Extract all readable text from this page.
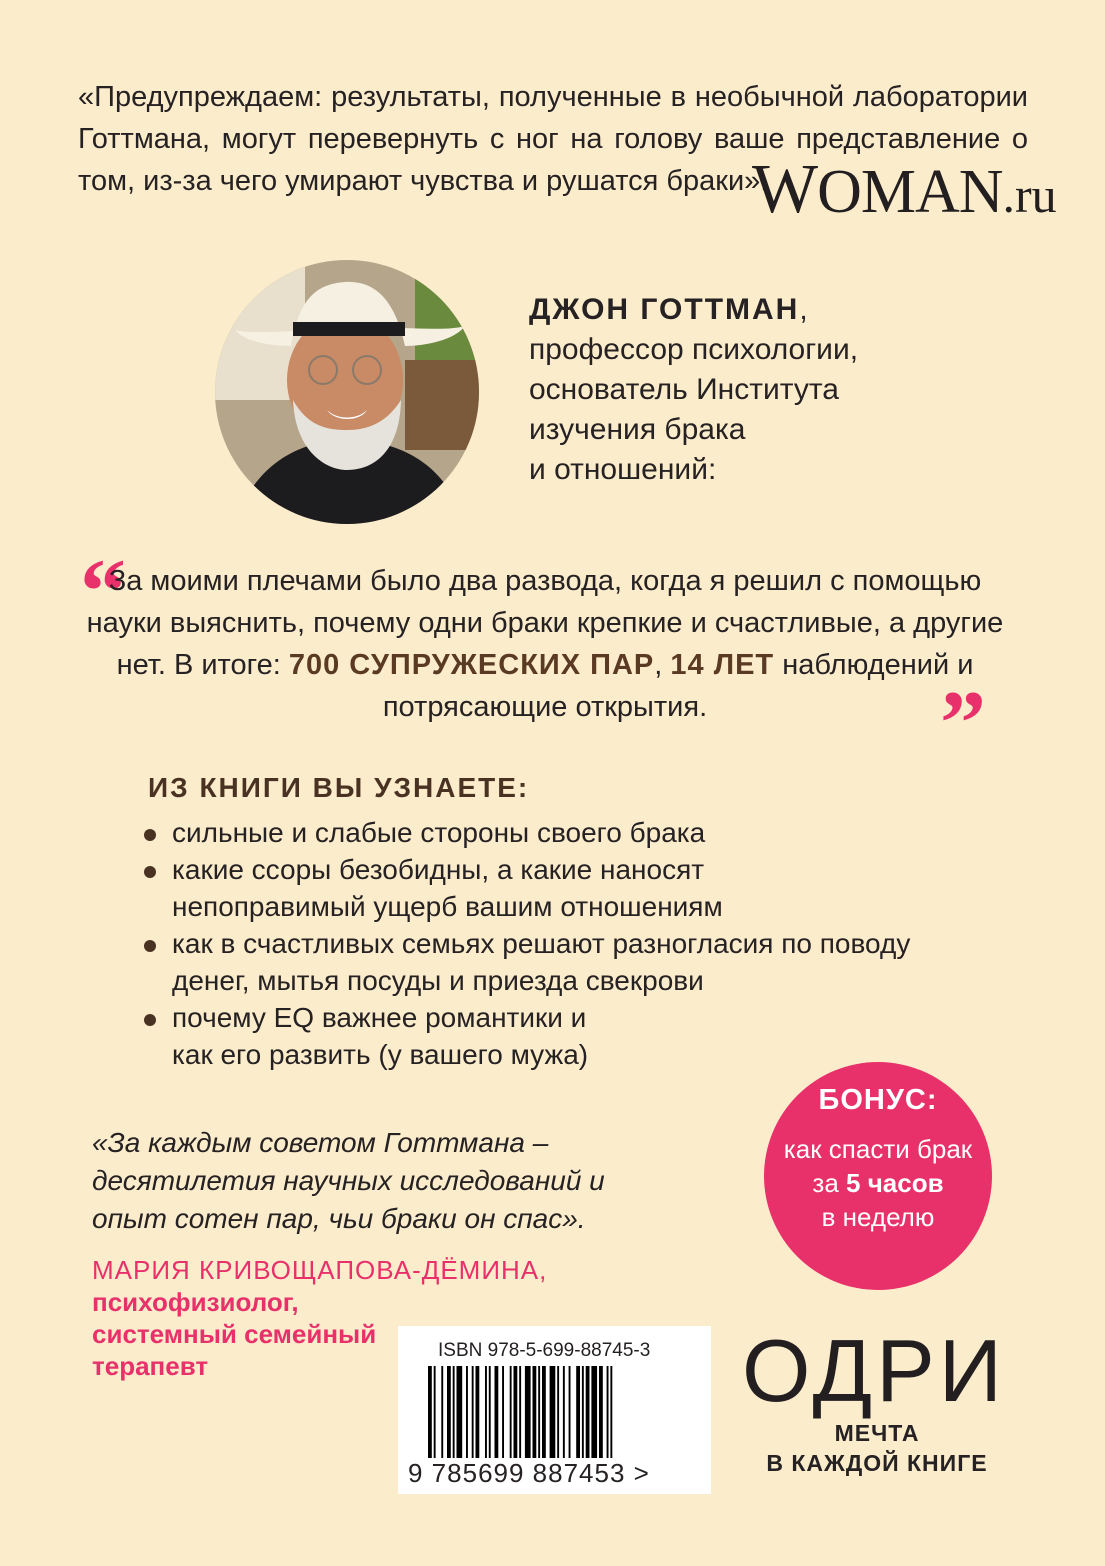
«Предупреждаем: результаты, полученные в необычной лаборатории Готтмана, могут перевернуть с ног на голову ваше представление о том, из-за чего умирают чувства и рушатся браки».
WOMAN.ru
ДЖОН ГОТТМАН,
профессор психологии,
основатель Института
изучения брака
и отношений:
“
За моими плечами было два развода, когда я решил с помощью науки выяснить, почему одни браки крепкие и счастливые, а другие нет. В итоге: 700 СУПРУЖЕСКИХ ПАР, 14 ЛЕТ наблюдений и потрясающие открытия.	”
ИЗ КНИГИ ВЫ УЗНАЕТЕ:
сильные и слабые стороны своего брака
какие ссоры безобидны, а какие наносят непоправимый ущерб вашим отношениям
как в счастливых семьях решают разногласия по поводу денег, мытья посуды и приезда свекрови
почему EQ важнее романтики и как его развить (у вашего мужа)
БОНУС:
как спасти брак
за 5 часов
в неделю
«За каждым советом Готтмана – десятилетия научных исследований и опыт сотен пар, чьи браки он спас».
МАРИЯ КРИВОЩАПОВА-ДЁМИНА,
психофизиолог,
системный семейный
терапевт
ISBN 978-5-699-88745-3
9 785699 887453 >
ОДРИ
МЕЧТА
В КАЖДОЙ КНИГЕ
